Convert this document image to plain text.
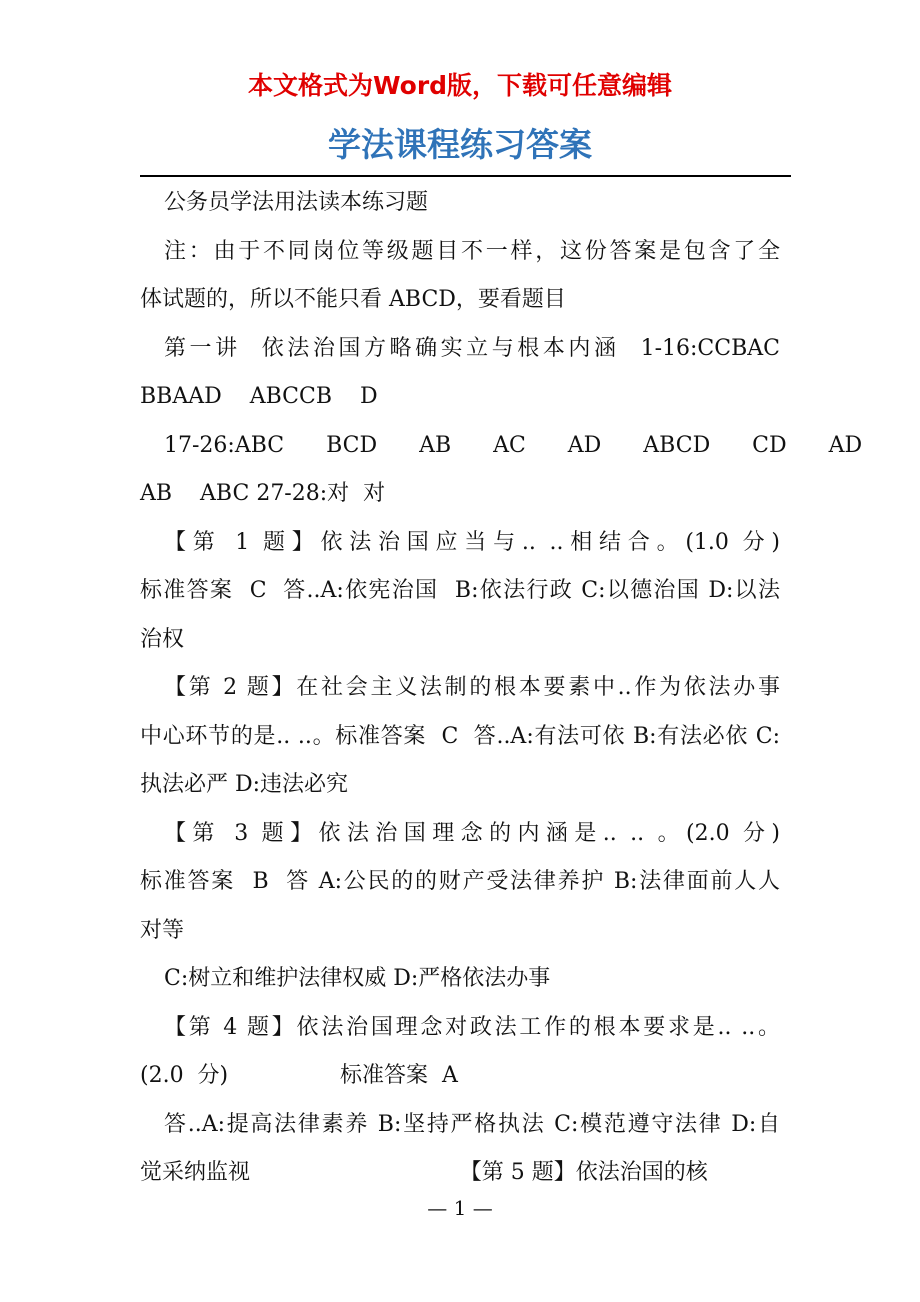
本文格式为Word版，下载可任意编辑
学法课程练习答案
公务员学法用法读本练习题
注：由于不同岗位等级题目不一样，这份答案是包含了全
体试题的，所以不能只看 ABCD，要看题目
第一讲  依法治国方略确实立与根本内涵  1-16:CCBAC
BBAAD    ABCCB    D
17-26:ABC      BCD      AB      AC      AD      ABCD      CD      AD
AB    ABC 27-28:对  对
【第 1 题】依法治国应当与.. ..相结合。(1.0 分)
标准答案  C  答..A:依宪治国  B:依法行政 C:以德治国 D:以法
治权
【第 2 题】在社会主义法制的根本要素中..作为依法办事
中心环节的是.. ..。标准答案  C  答..A:有法可依 B:有法必依 C:
执法必严 D:违法必究
【第 3 题】依法治国理念的内涵是.. .. 。(2.0 分)
标准答案  B  答 A:公民的的财产受法律养护 B:法律面前人人
对等
C:树立和维护法律权威 D:严格依法办事
【第 4 题】依法治国理念对政法工作的根本要求是.. ..。
(2.0  分)                标准答案  A
答..A:提高法律素养 B:坚持严格执法 C:模范遵守法律 D:自
觉采纳监视                              【第 5 题】依法治国的核
— 1 —
